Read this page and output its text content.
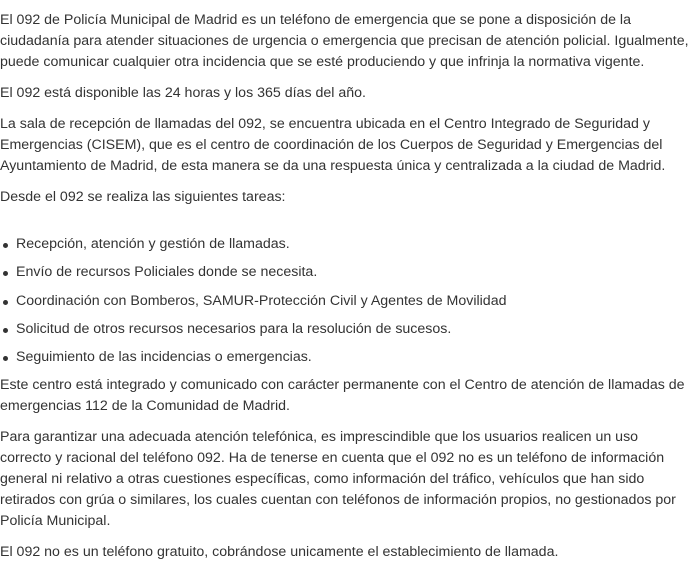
El 092 de Policía Municipal de Madrid es un teléfono de emergencia que se pone a disposición de la ciudadanía para atender situaciones de urgencia o emergencia que precisan de atención policial. Igualmente, puede comunicar cualquier otra incidencia que se esté produciendo y que infrinja la normativa vigente.

El 092 está disponible las 24 horas y los 365 días del año.

La sala de recepción de llamadas del 092, se encuentra ubicada en el Centro Integrado de Seguridad y Emergencias (CISEM), que es el centro de coordinación de los Cuerpos de Seguridad y Emergencias del Ayuntamiento de Madrid, de esta manera se da una respuesta única y centralizada a la ciudad de Madrid.

Desde el 092 se realiza las siguientes tareas:

Recepción, atención y gestión de llamadas.
Envío de recursos Policiales donde se necesita.
Coordinación con Bomberos, SAMUR-Protección Civil y Agentes de Movilidad
Solicitud de otros recursos necesarios para la resolución de sucesos.
Seguimiento de las incidencias o emergencias.

Este centro está integrado y comunicado con carácter permanente con el Centro de atención de llamadas de emergencias 112 de la Comunidad de Madrid.

Para garantizar una adecuada atención telefónica, es imprescindible que los usuarios realicen un uso correcto y racional del teléfono 092. Ha de tenerse en cuenta que el 092 no es un teléfono de información general ni relativo a otras cuestiones específicas, como información del tráfico, vehículos que han sido retirados con grúa o similares, los cuales cuentan con teléfonos de información propios, no gestionados por Policía Municipal.

El 092 no es un teléfono gratuito, cobrándose unicamente el establecimiento de llamada.
